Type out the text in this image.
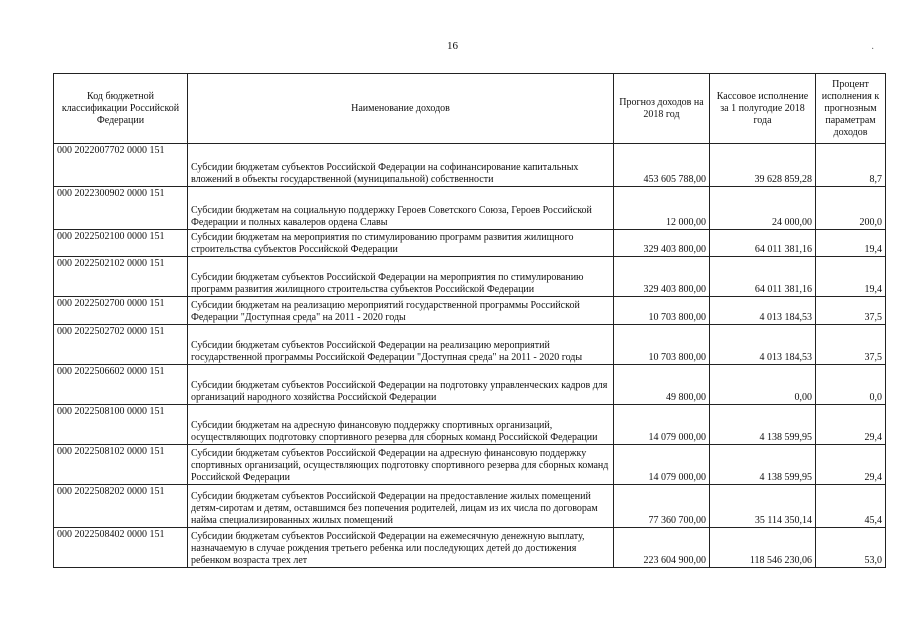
16	·
Код бюджетной классификации Российской Федерации	Наименование доходов	Прогноз доходов на 2018 год	Кассовое исполнение за 1 полугодие 2018 года	Процент исполнения к прогнозным параметрам доходов
000 2022007702 0000 151	Субсидии бюджетам субъектов Российской Федерации на софинансирование капитальных вложений в объекты государственной (муниципальной) собственности	453 605 788,00	39 628 859,28	8,7
000 2022300902 0000 151	Субсидии бюджетам на социальную поддержку Героев Советского Союза, Героев Российской Федерации и полных кавалеров ордена Славы	12 000,00	24 000,00	200,0
000 2022502100 0000 151	Субсидии бюджетам на мероприятия по стимулированию программ развития жилищного строительства субъектов Российской Федерации	329 403 800,00	64 011 381,16	19,4
000 2022502102 0000 151	Субсидии бюджетам субъектов Российской Федерации на мероприятия по стимулированию программ развития жилищного строительства субъектов Российской Федерации	329 403 800,00	64 011 381,16	19,4
000 2022502700 0000 151	Субсидии бюджетам на реализацию мероприятий государственной программы Российской Федерации "Доступная среда" на 2011 - 2020 годы	10 703 800,00	4 013 184,53	37,5
000 2022502702 0000 151	Субсидии бюджетам субъектов Российской Федерации на реализацию мероприятий государственной программы Российской Федерации "Доступная среда" на 2011 - 2020 годы	10 703 800,00	4 013 184,53	37,5
000 2022506602 0000 151	Субсидии бюджетам субъектов Российской Федерации на подготовку управленческих кадров для организаций народного хозяйства Российской Федерации	49 800,00	0,00	0,0
000 2022508100 0000 151	Субсидии бюджетам на адресную финансовую поддержку спортивных организаций, осуществляющих подготовку спортивного резерва для сборных команд Российской Федерации	14 079 000,00	4 138 599,95	29,4
000 2022508102 0000 151	Субсидии бюджетам субъектов Российской Федерации на адресную финансовую поддержку спортивных организаций, осуществляющих подготовку спортивного резерва для сборных команд Российской Федерации	14 079 000,00	4 138 599,95	29,4
000 2022508202 0000 151	Субсидии бюджетам субъектов Российской Федерации на предоставление жилых помещений детям-сиротам и детям, оставшимся без попечения родителей, лицам из их числа по договорам найма специализированных жилых помещений	77 360 700,00	35 114 350,14	45,4
000 2022508402 0000 151	Субсидии бюджетам субъектов Российской Федерации на ежемесячную денежную выплату, назначаемую в случае рождения третьего ребенка или последующих детей до достижения ребенком возраста трех лет	223 604 900,00	118 546 230,06	53,0
